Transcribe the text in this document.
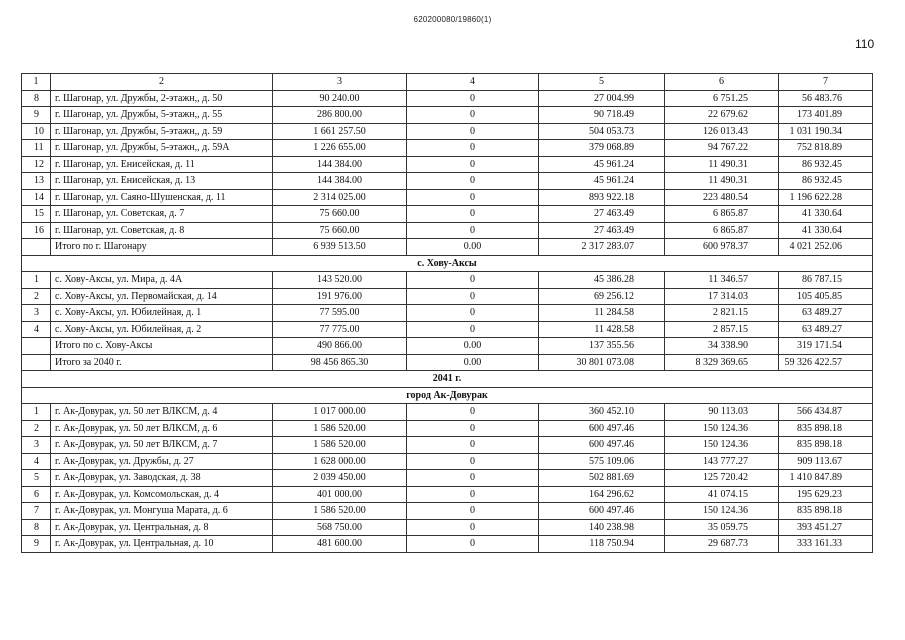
620200080/19860(1)
110
1	2	3	4	5	6	7
8	г. Шагонар, ул. Дружбы, 2-этажн,, д. 50	90 240.00	0	27 004.99	6 751.25	56 483.76
9	г. Шагонар, ул. Дружбы, 5-этажн,, д. 55	286 800.00	0	90 718.49	22 679.62	173 401.89
10	г. Шагонар, ул. Дружбы, 5-этажн,, д. 59	1 661 257.50	0	504 053.73	126 013.43	1 031 190.34
11	г. Шагонар, ул. Дружбы, 5-этажн,, д. 59А	1 226 655.00	0	379 068.89	94 767.22	752 818.89
12	г. Шагонар, ул. Енисейская, д. 11	144 384.00	0	45 961.24	11 490.31	86 932.45
13	г. Шагонар, ул. Енисейская, д. 13	144 384.00	0	45 961.24	11 490.31	86 932.45
14	г. Шагонар, ул. Саяно-Шушенская, д. 11	2 314 025.00	0	893 922.18	223 480.54	1 196 622.28
15	г. Шагонар, ул. Советская, д. 7	75 660.00	0	27 463.49	6 865.87	41 330.64
16	г. Шагонар, ул. Советская, д. 8	75 660.00	0	27 463.49	6 865.87	41 330.64
	Итого по г. Шагонару	6 939 513.50	0.00	2 317 283.07	600 978.37	4 021 252.06
с. Хову-Аксы						
1	с. Хову-Аксы, ул. Мира, д. 4А	143 520.00	0	45 386.28	11 346.57	86 787.15
2	с. Хову-Аксы, ул. Первомайская, д. 14	191 976.00	0	69 256.12	17 314.03	105 405.85
3	с. Хову-Аксы, ул. Юбилейная, д. 1	77 595.00	0	11 284.58	2 821.15	63 489.27
4	с. Хову-Аксы, ул. Юбилейная, д. 2	77 775.00	0	11 428.58	2 857.15	63 489.27
	Итого по с. Хову-Аксы	490 866.00	0.00	137 355.56	34 338.90	319 171.54
	Итого за 2040 г.	98 456 865.30	0.00	30 801 073.08	8 329 369.65	59 326 422.57
2041 г.						
город Ак-Довурак						
1	г. Ак-Довурак, ул. 50 лет ВЛКСМ, д. 4	1 017 000.00	0	360 452.10	90 113.03	566 434.87
2	г. Ак-Довурак, ул. 50 лет ВЛКСМ, д. 6	1 586 520.00	0	600 497.46	150 124.36	835 898.18
3	г. Ак-Довурак, ул. 50 лет ВЛКСМ, д. 7	1 586 520.00	0	600 497.46	150 124.36	835 898.18
4	г. Ак-Довурак, ул. Дружбы, д. 27	1 628 000.00	0	575 109.06	143 777.27	909 113.67
5	г. Ак-Довурак, ул. Заводская, д. 38	2 039 450.00	0	502 881.69	125 720.42	1 410 847.89
6	г. Ак-Довурак, ул. Комсомольская, д. 4	401 000.00	0	164 296.62	41 074.15	195 629.23
7	г. Ак-Довурак, ул. Монгуша Марата, д. 6	1 586 520.00	0	600 497.46	150 124.36	835 898.18
8	г. Ак-Довурак, ул. Центральная, д. 8	568 750.00	0	140 238.98	35 059.75	393 451.27
9	г. Ак-Довурак, ул. Центральная, д. 10	481 600.00	0	118 750.94	29 687.73	333 161.33
